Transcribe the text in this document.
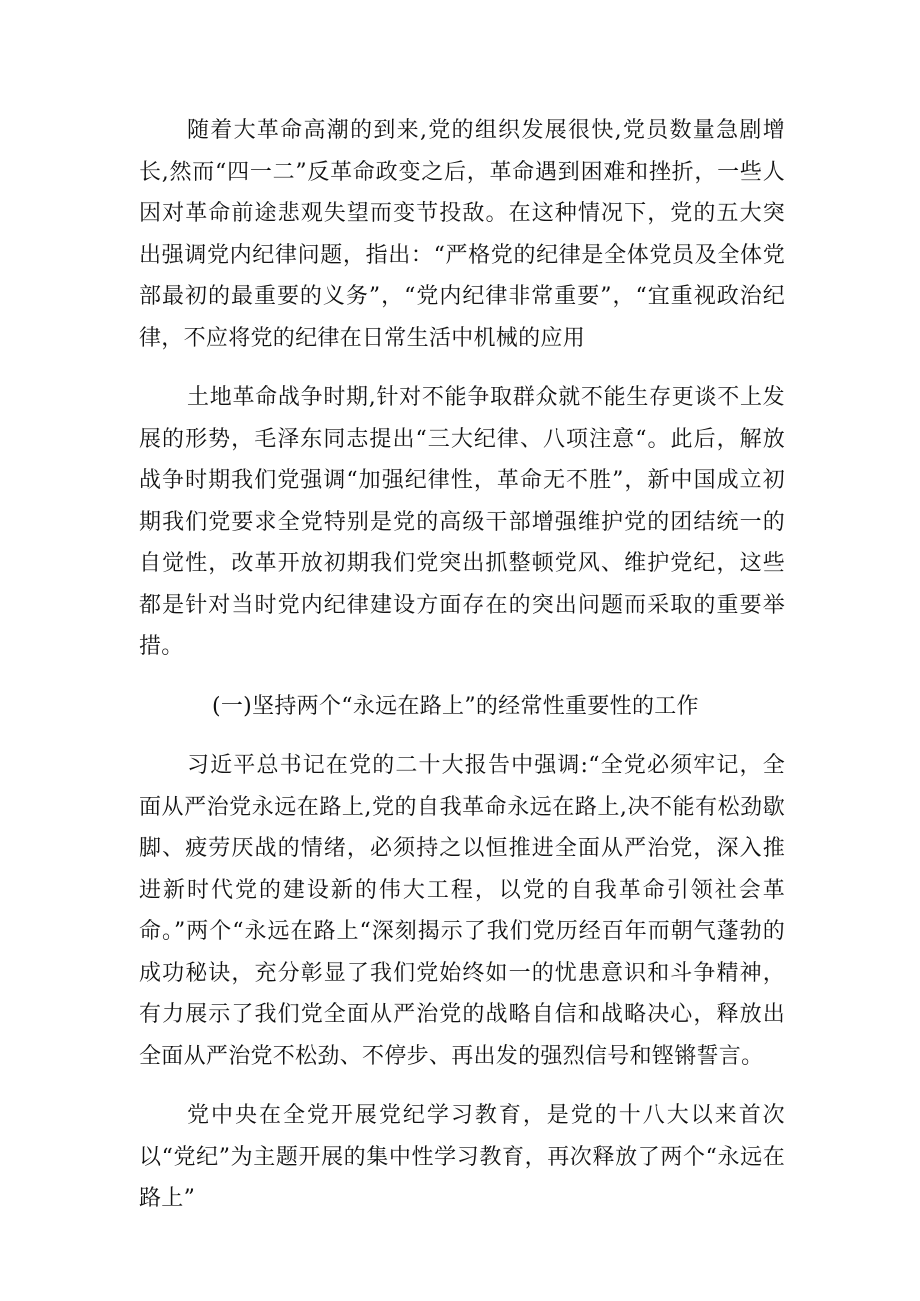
随着大革命高潮的到来,党的组织发展很快,党员数量急剧增长,然而“四一二”反革命政变之后，革命遇到困难和挫折，一些人因对革命前途悲观失望而变节投敌。在这种情况下，党的五大突出强调党内纪律问题，指出：“严格党的纪律是全体党员及全体党部最初的最重要的义务”，“党内纪律非常重要”，“宜重视政治纪律，不应将党的纪律在日常生活中机械的应用

土地革命战争时期,针对不能争取群众就不能生存更谈不上发展的形势，毛泽东同志提出“三大纪律、八项注意“。此后，解放战争时期我们党强调“加强纪律性，革命无不胜”，新中国成立初期我们党要求全党特别是党的高级干部增强维护党的团结统一的自觉性，改革开放初期我们党突出抓整顿党风、维护党纪，这些都是针对当时党内纪律建设方面存在的突出问题而采取的重要举措。

(一)坚持两个“永远在路上”的经常性重要性的工作

习近平总书记在党的二十大报告中强调:“全党必须牢记，全面从严治党永远在路上,党的自我革命永远在路上,决不能有松劲歇脚、疲劳厌战的情绪，必须持之以恒推进全面从严治党，深入推进新时代党的建设新的伟大工程，以党的自我革命引领社会革命。”两个“永远在路上“深刻揭示了我们党历经百年而朝气蓬勃的成功秘诀，充分彰显了我们党始终如一的忧患意识和斗争精神，有力展示了我们党全面从严治党的战略自信和战略决心，释放出全面从严治党不松劲、不停步、再出发的强烈信号和铿锵誓言。

党中央在全党开展党纪学习教育，是党的十八大以来首次以“党纪”为主题开展的集中性学习教育，再次释放了两个“永远在路上”
